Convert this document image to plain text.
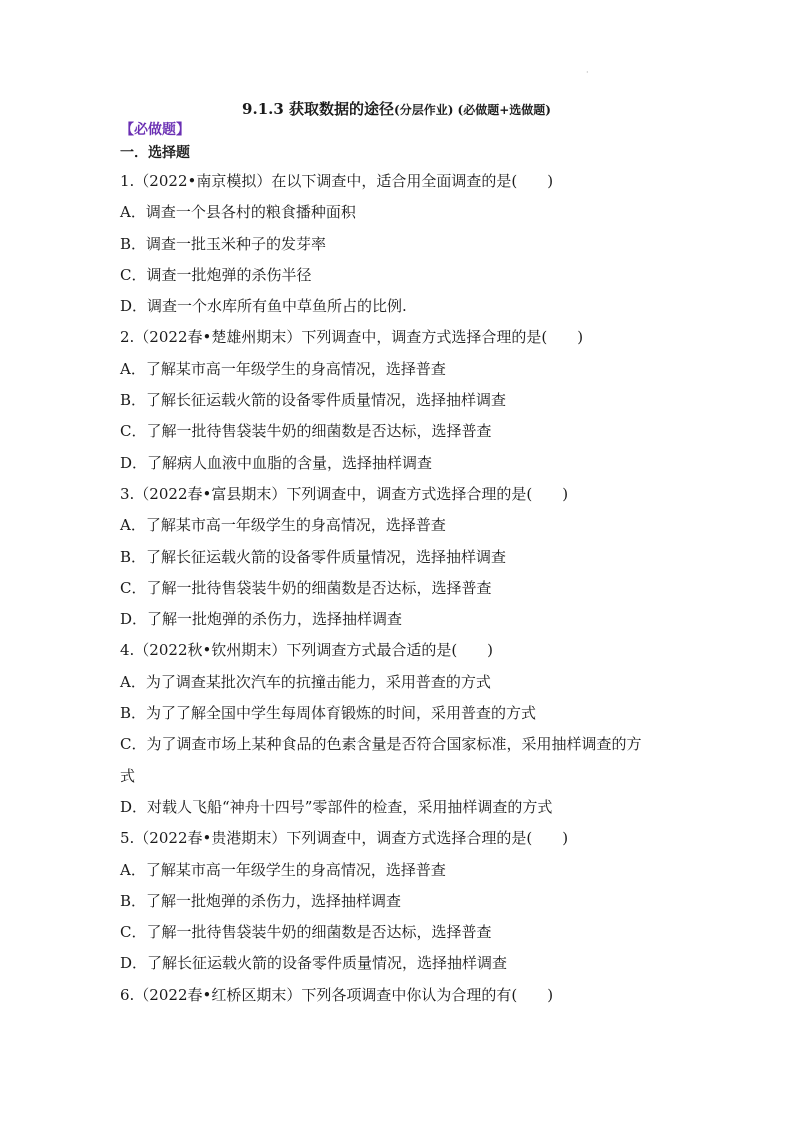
·
9.1.3 获取数据的途径(分层作业) (必做题+选做题)
【必做题】
一．选择题
1.（2022•南京模拟）在以下调查中，适合用全面调查的是(　　)
A．调查一个县各村的粮食播种面积
B．调查一批玉米种子的发芽率
C．调查一批炮弹的杀伤半径
D．调查一个水库所有鱼中草鱼所占的比例.
2.（2022春•楚雄州期末）下列调查中，调查方式选择合理的是(　　)
A．了解某市高一年级学生的身高情况，选择普查
B．了解长征运载火箭的设备零件质量情况，选择抽样调查
C．了解一批待售袋装牛奶的细菌数是否达标，选择普查
D．了解病人血液中血脂的含量，选择抽样调查
3.（2022春•富县期末）下列调查中，调查方式选择合理的是(　　)
A．了解某市高一年级学生的身高情况，选择普查
B．了解长征运载火箭的设备零件质量情况，选择抽样调查
C．了解一批待售袋装牛奶的细菌数是否达标，选择普查
D．了解一批炮弹的杀伤力，选择抽样调查
4.（2022秋•钦州期末）下列调查方式最合适的是(　　)
A．为了调查某批次汽车的抗撞击能力，采用普查的方式
B．为了了解全国中学生每周体育锻炼的时间，采用普查的方式
C．为了调查市场上某种食品的色素含量是否符合国家标准，采用抽样调查的方
式
D．对载人飞船“神舟十四号”零部件的检查，采用抽样调查的方式
5.（2022春•贵港期末）下列调查中，调查方式选择合理的是(　　)
A．了解某市高一年级学生的身高情况，选择普查
B．了解一批炮弹的杀伤力，选择抽样调查
C．了解一批待售袋装牛奶的细菌数是否达标，选择普查
D．了解长征运载火箭的设备零件质量情况，选择抽样调查
6.（2022春•红桥区期末）下列各项调查中你认为合理的有(　　)
